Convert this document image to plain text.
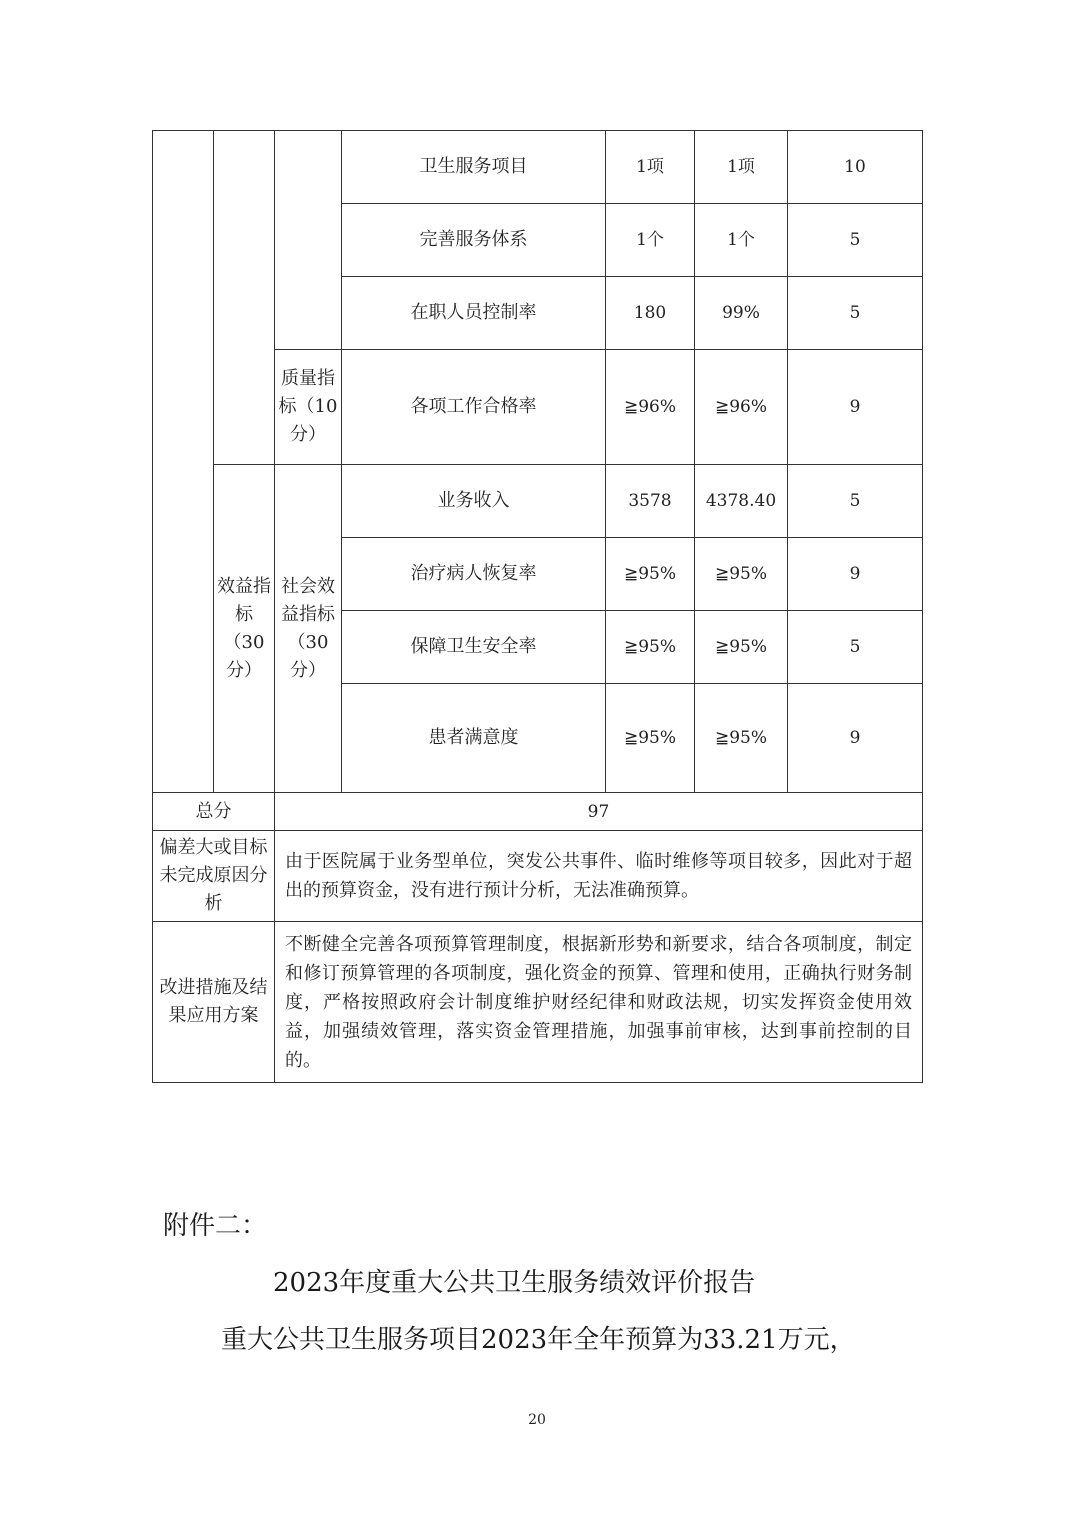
			卫生服务项目	1项	1项	10
			完善服务体系	1个	1个	5
			在职人员控制率	180	99%	5
		质量指标（10分）	各项工作合格率	≧96%	≧96%	9
	效益指标（30分）	社会效益指标（30分）	业务收入	3578	4378.40	5
			治疗病人恢复率	≧95%	≧95%	9
			保障卫生安全率	≧95%	≧95%	5
			患者满意度	≧95%	≧95%	9
总分		97				
偏差大或目标未完成原因分析		由于医院属于业务型单位，突发公共事件、临时维修等项目较多，因此对于超出的预算资金，没有进行预计分析，无法准确预算。				
改进措施及结果应用方案		不断健全完善各项预算管理制度，根据新形势和新要求，结合各项制度，制定和修订预算管理的各项制度，强化资金的预算、管理和使用，正确执行财务制度，严格按照政府会计制度维护财经纪律和财政法规，切实发挥资金使用效益，加强绩效管理，落实资金管理措施，加强事前审核，达到事前控制的目的。				
附件二：
2023年度重大公共卫生服务绩效评价报告
重大公共卫生服务项目2023年全年预算为33.21万元，
20
